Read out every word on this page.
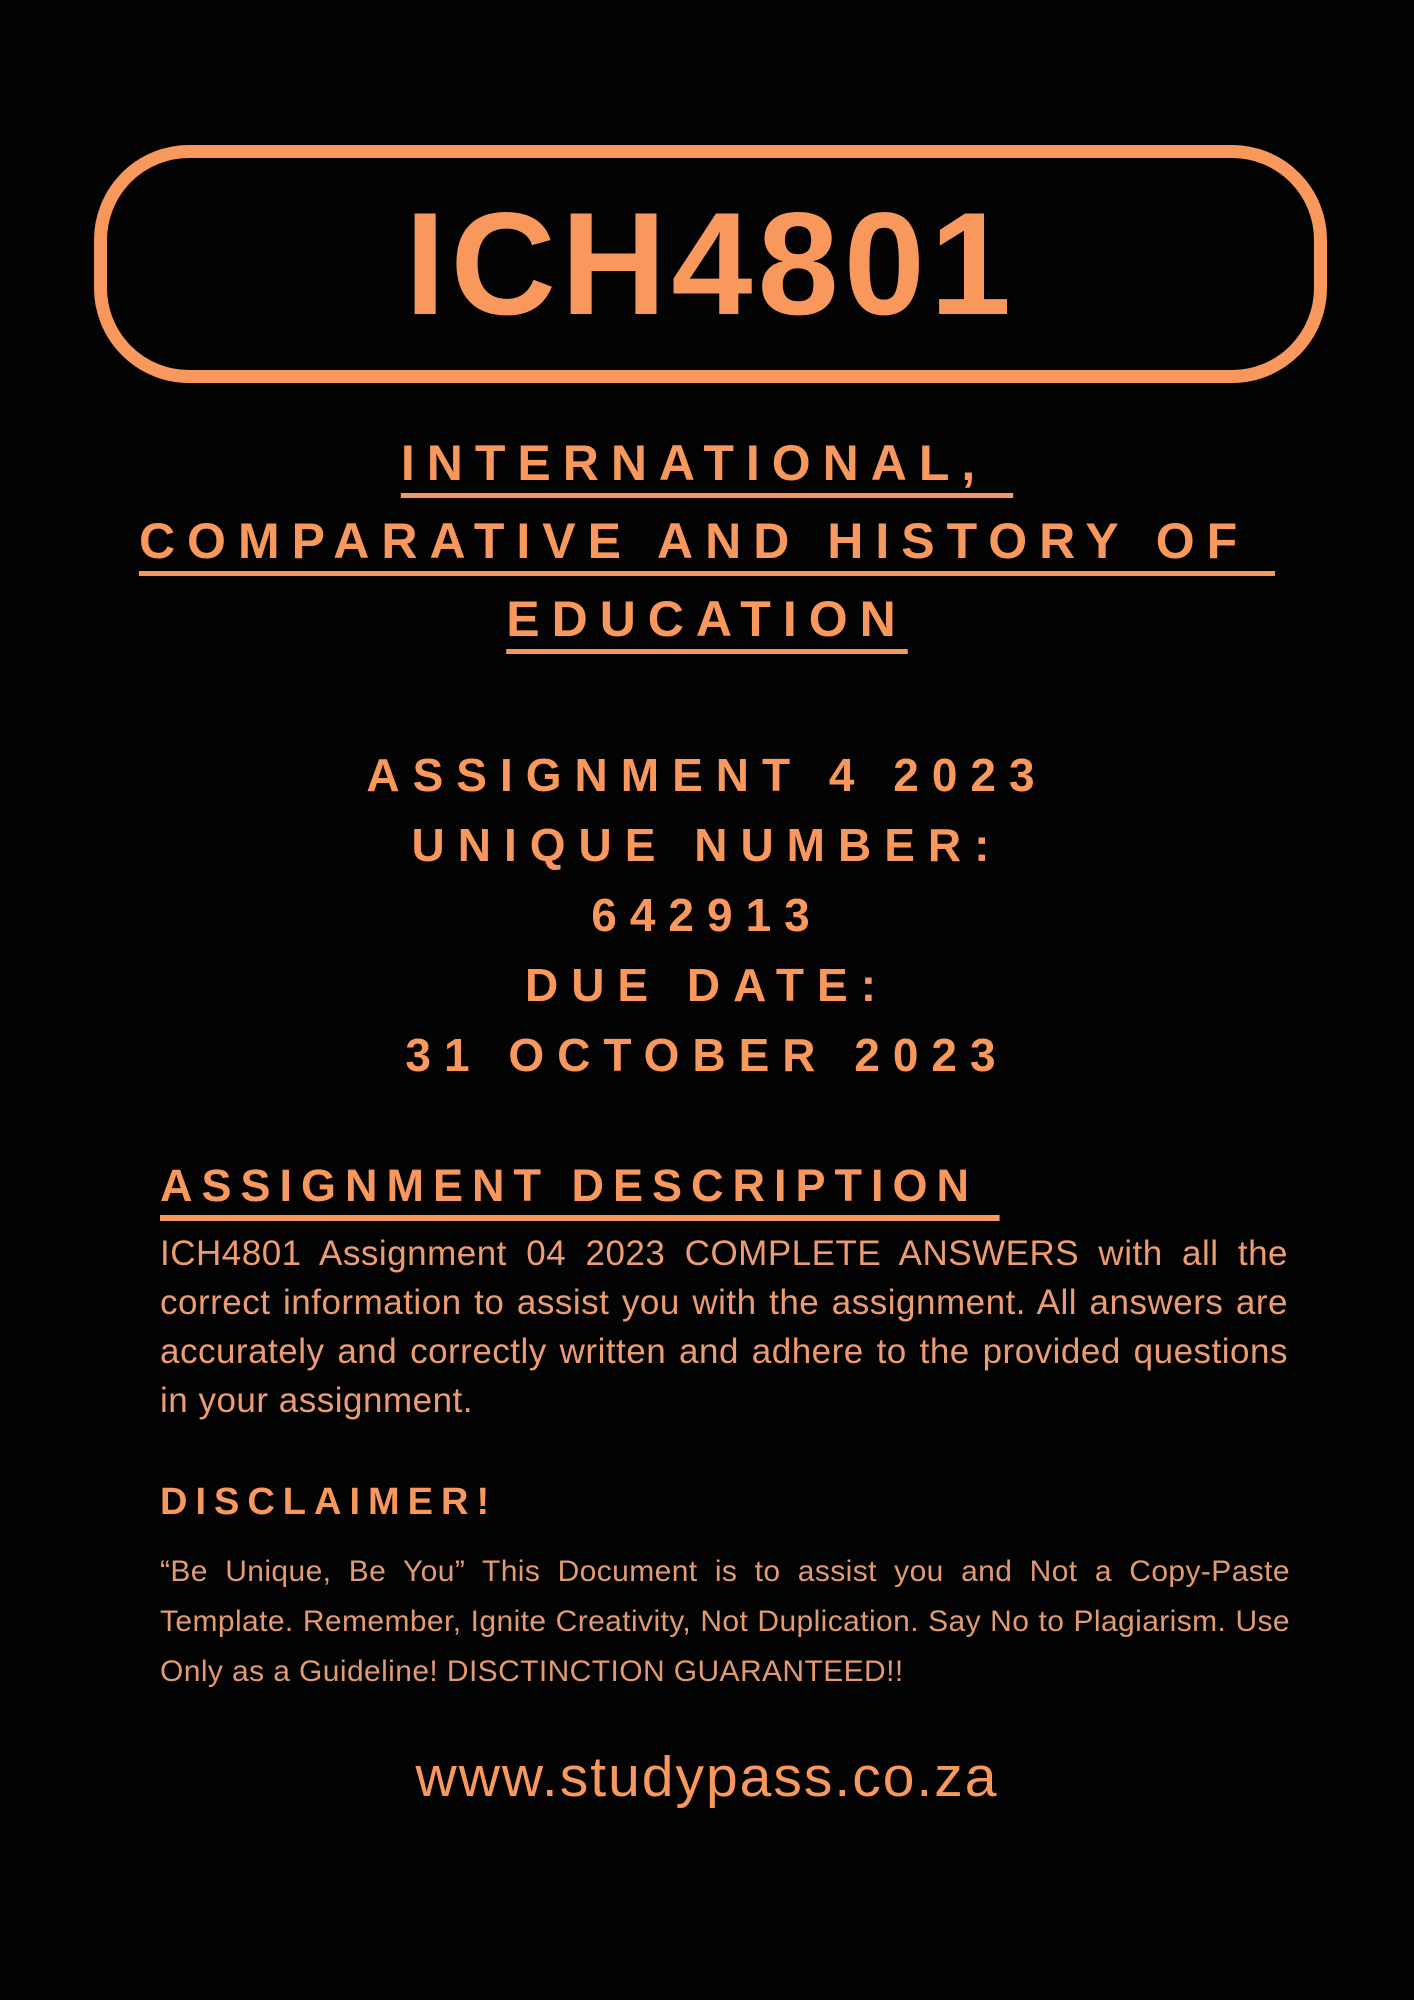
ICH4801
INTERNATIONAL,
COMPARATIVE AND HISTORY OF
EDUCATION
ASSIGNMENT 4 2023
UNIQUE NUMBER:
642913
DUE DATE:
31 OCTOBER 2023
ASSIGNMENT DESCRIPTION

ICH4801 Assignment 04 2023 COMPLETE ANSWERS with all the correct information to assist you with the assignment. All answers are accurately and correctly written and adhere to the provided questions in your assignment.

DISCLAIMER!

“Be Unique, Be You” This Document is to assist you and Not a Copy-Paste Template. Remember, Ignite Creativity, Not Duplication. Say No to Plagiarism. Use Only as a Guideline! DISCTINCTION GUARANTEED!!

www.studypass.co.za
